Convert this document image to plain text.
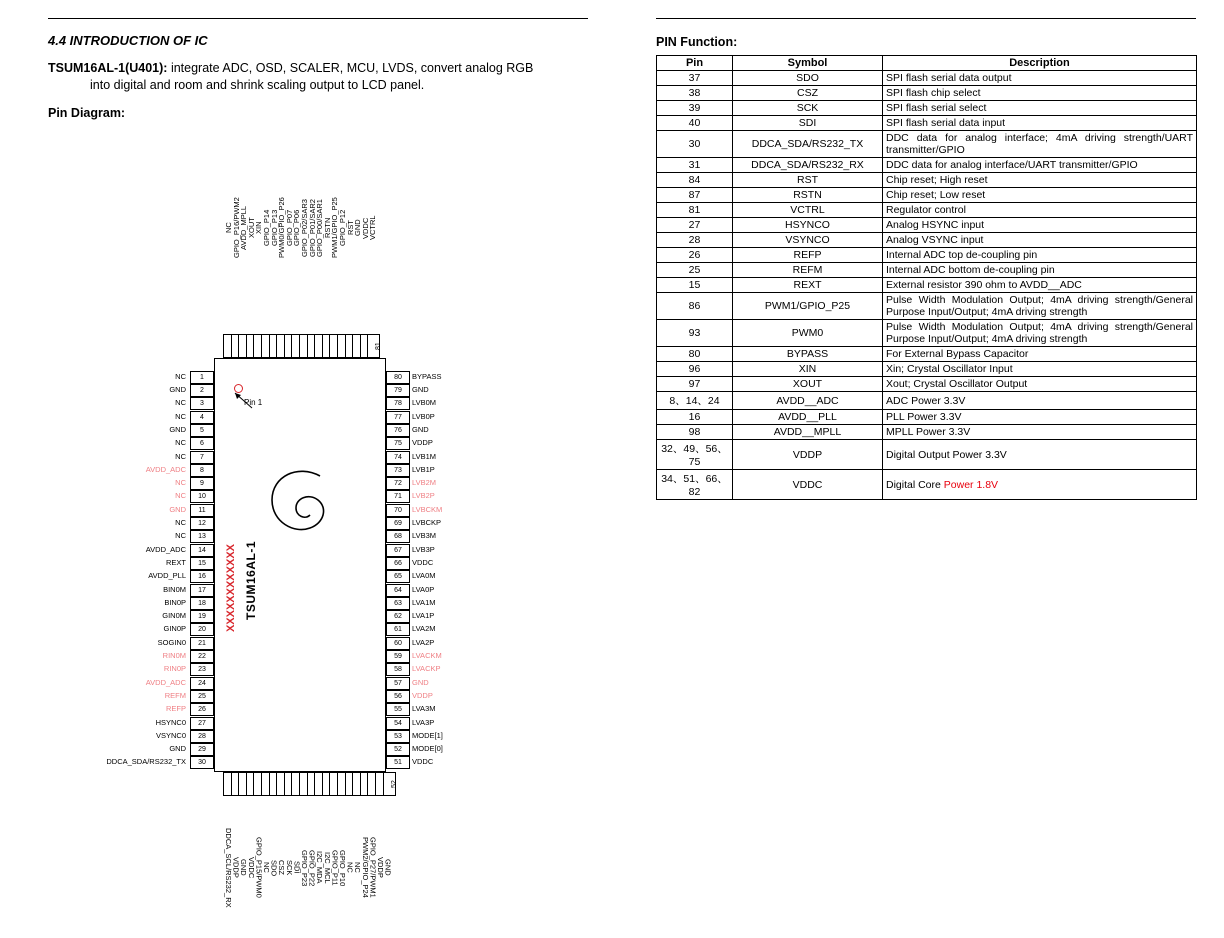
4.4 INTRODUCTION OF IC
TSUM16AL-1(U401): integrate ADC, OSD, SCALER, MCU, LVDS, convert analog RGB
into digital and room and shrink scaling output to LCD panel.
Pin Diagram:
XXXXXXXXXXXX TSUM16AL-1
Pin 1
1
NC
2
GND
3
NC
4
NC
5
GND
6
NC
7
NC
8
AVDD_ADC
9
NC
10
NC
11
GND
12
NC
13
NC
14
AVDD_ADC
15
REXT
16
AVDD_PLL
17
BIN0M
18
BIN0P
19
GIN0M
20
GIN0P
21
SOGIN0
22
RIN0M
23
RIN0P
24
AVDD_ADC
25
REFM
26
REFP
27
HSYNC0
28
VSYNC0
29
GND
30
DDCA_SDA/RS232_TX
80	BYPASS
79	GND
78	LVB0M
77	LVB0P
76	GND
75	VDDP
74	LVB1M
73	LVB1P
72	LVB2M
71	LVB2P
70	LVBCKM
69	LVBCKP
68	LVB3M
67	LVB3P
66	VDDC
65	LVA0M
64	LVA0P
63	LVA1M
62	LVA1P
61	LVA2M
60	LVA2P
59	LVACKM
58	LVACKP
57	GND
56	VDDP
55	LVA3M
54	LVA3P
53	MODE[1]
52	MODE[0]
51	VDDC
NC
GPIO_P16/PWM2
AVDD_MPLL
XOUT
XIN
GPIO_P14
GPIO_P13
PWM0/GPIO_P26
GPIO_P07
GPIO_P06
GPIO_P02/SAR3
GPIO_P01/SAR2
GPIO_P00/SAR1
RSTN
PWM1/GPIO_P25
GPIO_P12
RST
GND
VDDC
81
VCTRL
DDCA_SCL/RS232_RX
VDDP
GND
VDDC
GPIO_P15/PWM0
NC
SDO
CSZ
SCK
SDI
GPIO_P23
GPIO_P22
I2C_MDA
I2C_MCL
GPIO_P11
GPIO_P10
NC
NC
PWM2/GPIO_P24
GPIO_P27/PWM1
VDDP
52
GND
PIN Function:
Pin	Symbol	Description
37	SDO	SPI flash serial data output
38	CSZ	SPI flash chip select
39	SCK	SPI flash serial select
40	SDI	SPI flash serial data input
30	DDCA_SDA/RS232_TX	DDC data for analog interface; 4mA driving strength/UART transmitter/GPIO
31	DDCA_SDA/RS232_RX	DDC data for analog interface/UART transmitter/GPIO
84	RST	Chip reset; High reset
87	RSTN	Chip reset; Low reset
81	VCTRL	Regulator control
27	HSYNCO	Analog HSYNC input
28	VSYNCO	Analog VSYNC input
26	REFP	Internal ADC top de-coupling pin
25	REFM	Internal ADC bottom de-coupling pin
15	REXT	External resistor 390 ohm to AVDD__ADC
86	PWM1/GPIO_P25	Pulse Width Modulation Output; 4mA driving strength/General Purpose Input/Output; 4mA driving strength
93	PWM0	Pulse Width Modulation Output; 4mA driving strength/General Purpose Input/Output; 4mA driving strength
80	BYPASS	For External Bypass Capacitor
96	XIN	Xin; Crystal Oscillator Input
97	XOUT	Xout; Crystal Oscillator Output
8、14、24	AVDD__ADC	ADC Power 3.3V
16	AVDD__PLL	PLL Power 3.3V
98	AVDD__MPLL	MPLL Power 3.3V
32、49、56、75	VDDP	Digital Output Power 3.3V
34、51、66、82	VDDC	Digital Core Power 1.8V
